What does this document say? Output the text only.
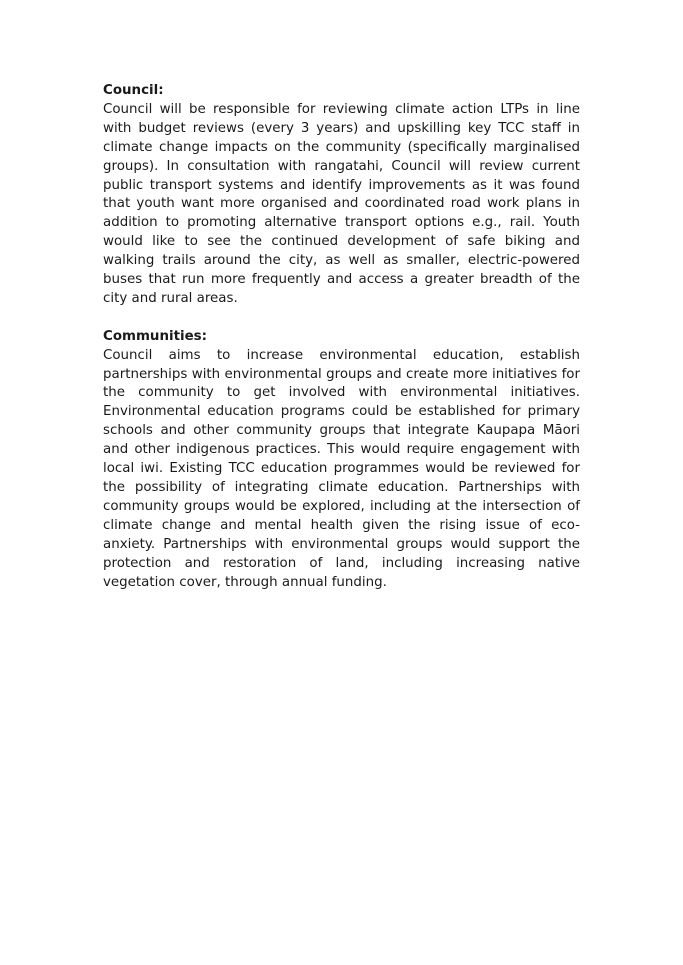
Council:

Council will be responsible for reviewing climate action LTPs in line with budget reviews (every 3 years) and upskilling key TCC staff in climate change impacts on the community (specifically marginalised groups). In consultation with rangatahi, Council will review current public transport systems and identify improvements as it was found that youth want more organised and coordinated road work plans in addition to promoting alternative transport options e.g., rail. Youth would like to see the continued development of safe biking and walking trails around the city, as well as smaller, electric-powered buses that run more frequently and access a greater breadth of the city and rural areas.

Communities:

Council aims to increase environmental education, establish partnerships with environmental groups and create more initiatives for the community to get involved with environmental initiatives. Environmental education programs could be established for primary schools and other community groups that integrate Kaupapa Māori and other indigenous practices. This would require engagement with local iwi. Existing TCC education programmes would be reviewed for the possibility of integrating climate education. Partnerships with community groups would be explored, including at the intersection of climate change and mental health given the rising issue of eco-anxiety. Partnerships with environmental groups would support the protection and restoration of land, including increasing native vegetation cover, through annual funding.
